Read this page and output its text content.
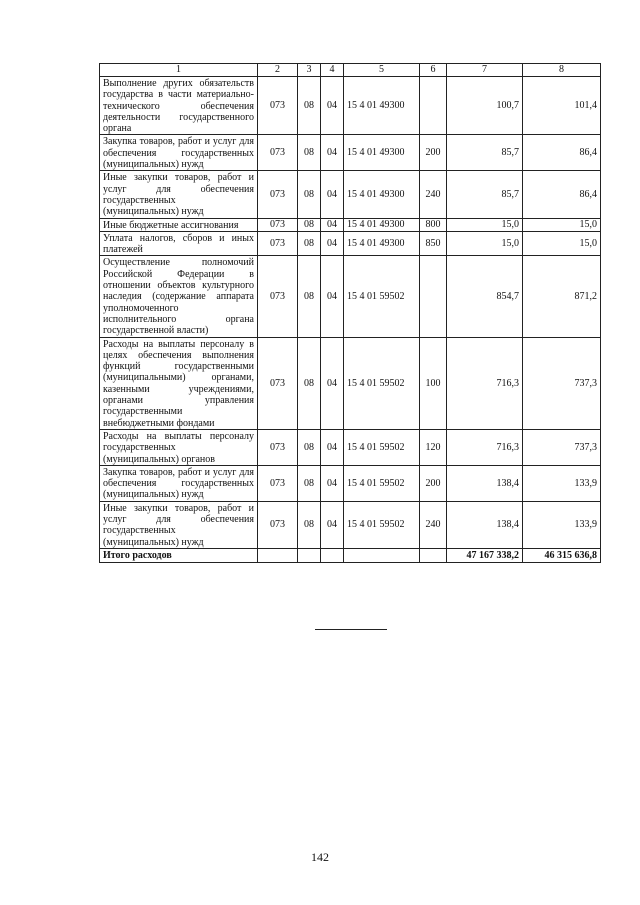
1	2	3	4	5	6	7	8
Выполнение других обязательств государства в части материально-технического обеспечения деятельности государственного органа	073	08	04	15 4 01 49300		100,7	101,4
Закупка товаров, работ и услуг для обеспечения государственных (муниципальных) нужд	073	08	04	15 4 01 49300	200	85,7	86,4
Иные закупки товаров, работ и услуг для обеспечения государственных (муниципальных) нужд	073	08	04	15 4 01 49300	240	85,7	86,4
Иные бюджетные ассигнования	073	08	04	15 4 01 49300	800	15,0	15,0
Уплата налогов, сборов и иных платежей	073	08	04	15 4 01 49300	850	15,0	15,0
Осуществление полномочий Российской Федерации в отношении объектов культурного наследия (содержание аппарата уполномоченного исполнительного органа государственной власти)	073	08	04	15 4 01 59502		854,7	871,2
Расходы на выплаты персоналу в целях обеспечения выполнения функций государственными (муниципальными) органами, казенными учреждениями, органами управления государственными внебюджетными фондами	073	08	04	15 4 01 59502	100	716,3	737,3
Расходы на выплаты персоналу государственных (муниципальных) органов	073	08	04	15 4 01 59502	120	716,3	737,3
Закупка товаров, работ и услуг для обеспечения государственных (муниципальных) нужд	073	08	04	15 4 01 59502	200	138,4	133,9
Иные закупки товаров, работ и услуг для обеспечения государственных (муниципальных) нужд	073	08	04	15 4 01 59502	240	138,4	133,9
Итого расходов						47 167 338,2	46 315 636,8
142
